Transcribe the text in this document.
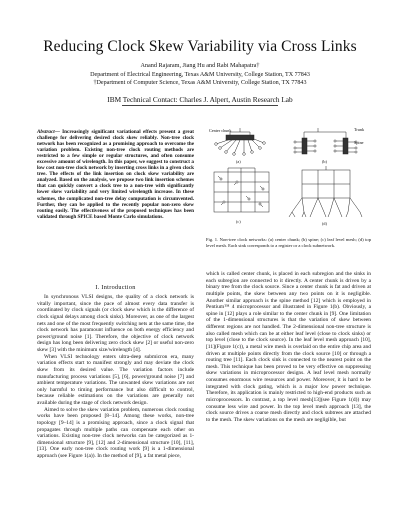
Reducing Clock Skew Variability via Cross Links
Anand Rajaram, Jiang Hu and Rabi Mahapatra†
Department of Electrical Engineering, Texas A&M University, College Station, TX 77843
†Department of Computer Science, Texas A&M University, College Station, TX 77843
IBM Technical Contact: Charles J. Alpert, Austin Research Lab
Abstract— Increasingly significant variational effects present a great challenge for delivering desired clock skew reliably. Non-tree clock network has been recognized as a promising approach to overcome the variation problem. Existing non-tree clock routing methods are restricted to a few simple or regular structures, and often consume excessive amount of wirelength. In this paper, we suggest to construct a low cost non-tree clock network by inserting cross links in a given clock tree. The effects of the link insertion on clock skew variability are analyzed. Based on the analysis, we propose two link insertion schemes that can quickly convert a clock tree to a non-tree with significantly lower skew variability and very limited wirelength increase. In these schemes, the complicated non-tree delay computation is circumvented. Further, they can be applied to the recently popular non-zero skew routing easily. The effectiveness of the proposed techniques has been validated through SPICE based Monte Carlo simulations.
Center chunk	Trunk
Spine
(a)	(b)
(c)	(d)
Fig. 1. Non-tree clock networks: (a) center chunk; (b) spine; (c) leaf level mesh; (d) top level mesh. Each sink corresponds to a register or a clock subnetwork.
I. Introduction

In synchronous VLSI designs, the quality of a clock network is vitally important, since the pace of almost every data transfer is coordinated by clock signals (or clock skew which is the difference of clock signal delays among clock sinks). Moreover, as one of the largest nets and one of the most frequently switching nets at the same time, the clock network has paramount influence on both energy efficiency and power/ground noise [1]. Therefore, the objective of clock network design has long been delivering zero clock skew [2] or useful non-zero skew [3] with the minimum size/wirelength [4].

When VLSI technology enters ultra-deep submicron era, many variation effects start to manifest strongly and may deviate the clock skew from its desired value. The variation factors include manufacturing process variations [5], [6], power/ground noise [7] and ambient temperature variations. The unwanted skew variations are not only harmful to timing performance but also difficult to control, because reliable estimations on the variations are generally not available during the stage of clock network design.

Aimed to solve the skew variation problem, numerous clock routing works have been proposed [8–14]. Among these works, non-tree topology [9–14] is a promising approach, since a clock signal that propagates through multiple paths can compensate each other on variations. Existing non-tree clock networks can be categorized as 1-dimensional structure [9], [12] and 2-dimensional structure [10], [11], [13]. One early non-tree clock routing work [9] is a 1-dimensional approach (see Figure 1(a)). In the method of [9], a fat metal piece,

which is called center chunk, is placed in each subregion and the sinks in each subregion are connected to it directly. A center chunk is driven by a binary tree from the clock source. Since a center chunk is fat and driven at multiple points, the skew between any two points on it is negligible. Another similar approach is the spine method [12] which is employed in Pentium™ 4 microprocessor and illustrated in Figure 1(b). Obviously, a spine in [12] plays a role similar to the center chunk in [9]. One limitation of the 1-dimensional structures is that the variation of skew between different regions are not handled. The 2-dimensional non-tree structure is also called mesh which can be at either leaf level (close to clock sinks) or top level (close to the clock source). In the leaf level mesh approach [10], [11](Figure 1(c)), a metal wire mesh is overlaid on the entire chip area and driven at multiple points directly from the clock source [10] or through a routing tree [11]. Each clock sink is connected to the nearest point on the mesh. This technique has been proved to be very effective on suppressing skew variations in microprocessor designs. A leaf level mesh normally consumes enormous wire resources and power. Moreover, it is hard to be integrated with clock gating, which is a major low power technique. Therefore, its application is mainly restricted to high-end products such as microprocessors. In contrast, a top level mesh[13](see Figure 1(d)) may consume less wire and power. In the top level mesh approach [13], the clock source drives a coarse mesh directly and clock subtrees are attached to the mesh. The skew variations on the mesh are negligible, but
